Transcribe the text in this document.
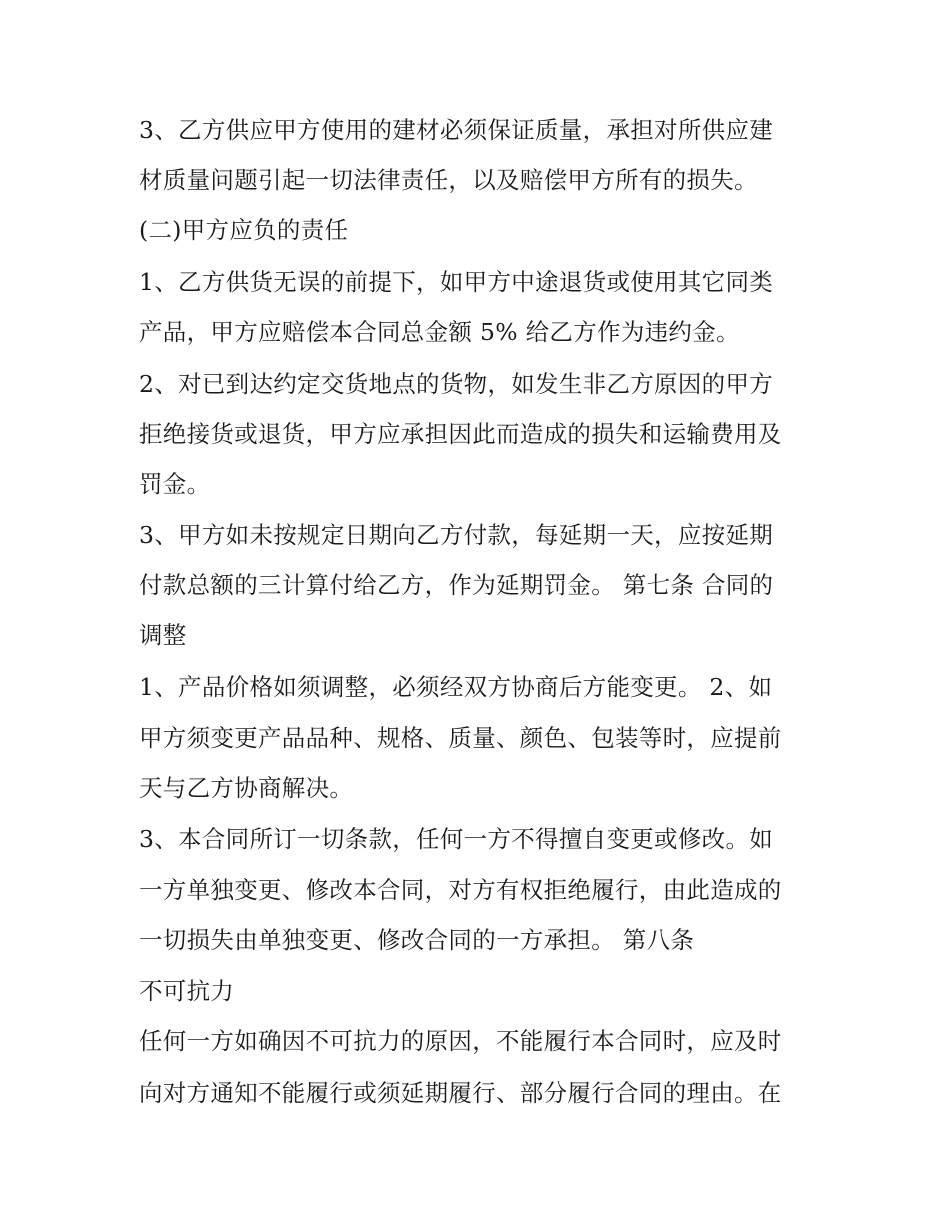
3、乙方供应甲方使用的建材必须保证质量，承担对所供应建
材质量问题引起一切法律责任，以及赔偿甲方所有的损失。
(二)甲方应负的责任
1、乙方供货无误的前提下，如甲方中途退货或使用其它同类
产品，甲方应赔偿本合同总金额 5% 给乙方作为违约金。
2、对已到达约定交货地点的货物，如发生非乙方原因的甲方
拒绝接货或退货，甲方应承担因此而造成的损失和运输费用及
罚金。
3、甲方如未按规定日期向乙方付款，每延期一天，应按延期
付款总额的三计算付给乙方，作为延期罚金。 第七条 合同的
调整
1、产品价格如须调整，必须经双方协商后方能变更。 2、如
甲方须变更产品品种、规格、质量、颜色、包装等时，应提前
天与乙方协商解决。
3、本合同所订一切条款，任何一方不得擅自变更或修改。如
一方单独变更、修改本合同，对方有权拒绝履行，由此造成的
一切损失由单独变更、修改合同的一方承担。 第八条
不可抗力
任何一方如确因不可抗力的原因，不能履行本合同时，应及时
向对方通知不能履行或须延期履行、部分履行合同的理由。在
